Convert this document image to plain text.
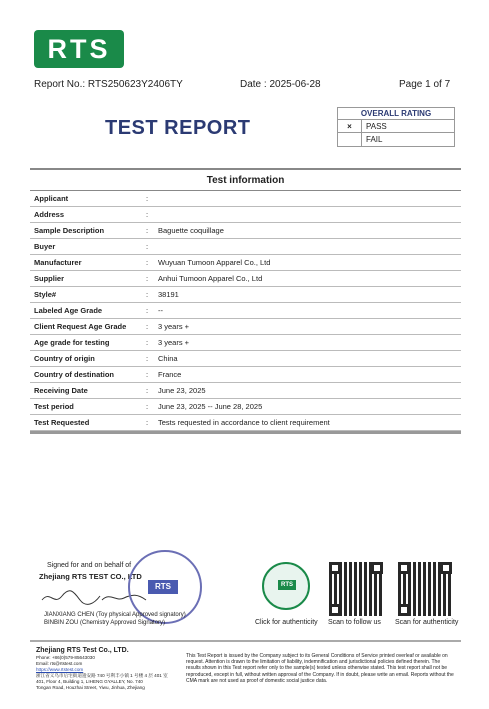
RTS
Report No.: RTS250623Y2406TY	Date : 2025-06-28	Page 1 of 7
TEST REPORT
OVERALL RATING
×	PASS
FAIL
Test information
Applicant	:
Address	:
Sample Description	:	Baguette coquillage
Buyer	:
Manufacturer	:	Wuyuan Tumoon Apparel Co., Ltd
Supplier	:	Anhui Tumoon Apparel Co., Ltd
Style#	:	38191
Labeled Age Grade	:	--
Client Request Age Grade	:	3 years +
Age grade for testing	:	3 years +
Country of origin	:	China
Country of destination	:	France
Receiving Date	:	June 23, 2025
Test period	:	June 23, 2025 -- June 28, 2025
Test Requested	:	Tests requested in accordance to client requirement
Signed for and on behalf of
Zhejiang RTS TEST CO., LTD
RTS
JIANXIANG CHEN (Toy physical Approved signatory)
BINBIN ZOU (Chemistry Approved Signatory)
RTS
Click for authenticity Scan to follow us Scan for authenticity
Zhejiang RTS Test Co., LTD.
Phone: +86(0)579-85643030
Email: rts@rtstest.com
https://www.rtstest.com
浙江省义乌市后宅街道遗安路 740 号利丰小镇 1 号楼 4 层 401 室
401, Floor 4, Building 1, LIHENG GYALLEY, No. 740
Tongan Road, Houzhai Street, Yiwu, Jinhua, Zhejiang
This Test Report is issued by the Company subject to its General Conditions of Service printed overleaf or available on request. Attention is drawn to the limitation of liability, indemnification and jurisdictional policies defined therein. The results shown in this Test report refer only to the sample(s) tested unless otherwise stated. This test report shall not be reproduced, except in full, without written approval of the Company. If in doubt, please write an email. Reports without the CMA mark are not used as proof of domestic social justice data.
